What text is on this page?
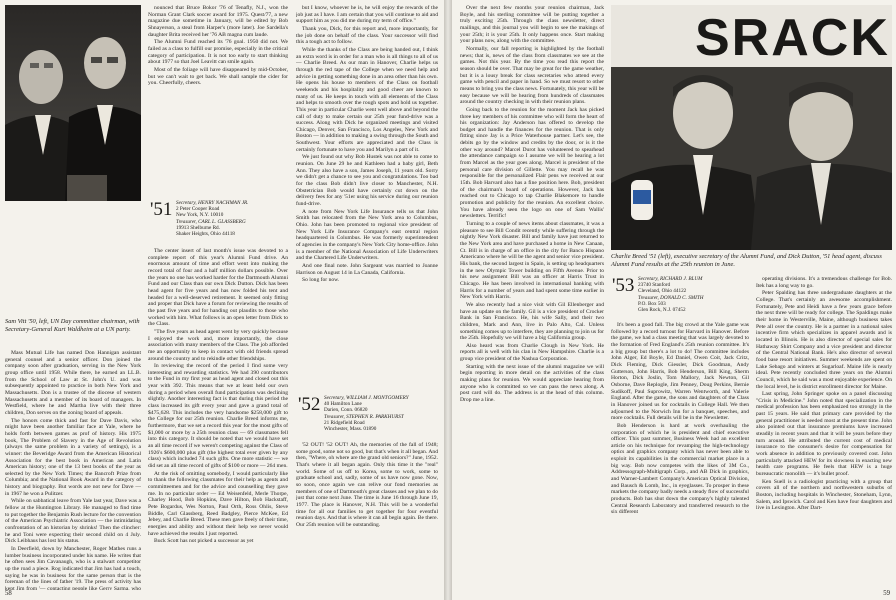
Sam Vitt '50, left, UN Day committee chairman, with Secretary-General Kurt Waldheim at a UN party.

Mass Mutual Life has named Don Hannigan assistant general counsel and a senior officer. Don joined the company soon after graduation, serving in the New York group office until 1958. While there, he earned an LL.B. from the School of Law at St. John's U. and was subsequently appointed to practice in both New York and Massachusetts. Don is a trustee of the diocese of western Massachusetts and a member of its board of managers. In Westfield, where he and Martha live with their three children, Don serves on the zoning board of appeals.

The honors come thick and fast for Dave Davis, who might have been another familiar face at Yale, where he holds forth between games as prof of history. His 1975 book, The Problem of Slavery in the Age of Revolution (always the same problem in a variety of settings), is a winner: the Beveridge Award from the American Historical Association for the best book in American and Latin American history; one of the 13 best books of the year as selected by the New York Times; the Bancroft Prize from Columbia; and the National Book Award in the category of history and biography. But words are not new for Dave — in 1967 he won a Pulitzer.

While on sabbatical leave from Yale last year, Dave was a fellow at the Huntington Library. He managed to find time to put together the Benjamin Rush lecture for the convention of the American Psychiatric Association — the intimidating confrontation of an historian by shrinks! Then the clincher: he and Toni were expecting their second child on 4 July. Dick Leibhaus has lost his status.

In Deerfield, down by Manchester, Roger Mathes runs a lumber business incorporated under his name. He writes that he often sees Jim Cavanaugh, who is a stalwart competitor up the road a piece. Rog indicated that Jim has had a touch, saying he was in business for the same person that is the foreman of the lines of father '19. The press of activity has kept Jim from '— contacting people like Gerry Sarma, who

nounced that Bruce Bokor '76 of Tenafly, N.J., won the Norman Grant Clark soccer award for 1975. Quest/77, a new magazine due sometime in January, will be edited by Bob Shnayerson, a steal from Harper's (more later). Joe Sardella's daughter Brita received her '76 AB magna cum laude.

The Alumni Fund reached its '76 goal. 1950 did not. We failed as a class to fulfill our promise, especially in the critical category of participation. It is not too early to start thinking about 1977 so that Joel Leavitt can smile again.

Most of the foliage will have disappeared by mid-October, but we can't wait to get back. We shall sample the cider for you. Cheerfully, cheers.

'51 Secretary, HENRY NACHMAN JR.
2 Peter Cooper Road
New York, N.Y. 10010
Treasurer, CARL L. GLASSBERG
19913 Shelburne Rd.
Shaker Heights, Ohio 44118

The center insert of last month's issue was devoted to a complete report of this year's Alumni Fund drive. An enormous amount of time and effort went into making the record total of four and a half million dollars possible. Over the years no one has worked harder for the Dartmouth Alumni Fund and our Class than our own Dick Dutton. Dick has been head agent for five years and has now folded his tent and headed for a well-deserved retirement. It seemed only fitting and proper that Dick have a forum for reviewing the results of the past five years and for handing out plaudits to those who worked with him. What follows is an open letter from Dick to the Class.

"The five years as head agent went by very quickly because I enjoyed the work and, more importantly, the close association with many members of the Class. The job afforded me an opportunity to keep in contact with old friends spread around the country and to rekindle other friendships.

In reviewing the record of the period I find some very interesting and rewarding statistics. We had 390 contributors to the Fund in my first year as head agent and closed out this year with 392. This means that we at least held our own during a period when overall fund participation was declining slightly. Another interesting fact is that during this period the class increased its gift every year and gave a grand total of $475,628. This includes the very handsome $258,000 gift to the College for our 25th reunion. Charlie Breed informs me, furthermore, that we set a record this year for the most gifts of $1,000 or more by a 25th reunion class — 69 classmates fell into this category. It should be noted that we would have set an all time record if we weren't competing against the Class of 1926's $600,000 plus gift (the highest total ever given by any class) which included 74 such gifts. One more statistic — we did set an all time record of gifts of $100 or more — 264 men.

At the risk of omitting somebody, I would particularly like to thank the following classmates for their help as agents and committeemen and for the advice and counselling they gave me. In no particular order — Ed Weisenfeld, Merle Thorpe, Charley Hood, Bob Hopkins, Dave Hilton, Bob Hackstaff, Pete Bogardus, Wes Norton, Paul Orth, Ross Ohlis, Steve Biddle, Carl Glassberg, Reed Badgley, Pierce McKee, Ed Jebey, and Charlie Breed. These men gave freely of their time, energies and ability and without their help we never would have achieved the results I just reported.

Buck Scott has not picked a successor as yet

but I know, whoever he is, he will enjoy the rewards of the job just as I have. I am certain that you will continue to aid and support him as you did me during my term of office."

Thank you, Dick, for this report and, more importantly, for the job done on behalf of the class. Your successor will find this a tough act to follow.

While the thanks of the Class are being handed out, I think an extra word is in order for a man who is all things to all of us — Charlie Breed. As our man in Hanover, Charlie helps us through the red tape of the College when we need help and advice in getting something done in an area other than his own. He opens his house to members of the Class on football weekends and his hospitality and good cheer are known to many of us. He keeps in touch with all elements of the Class and helps to smooth over the rough spots and hold us together. This year in particular Charlie went well above and beyond the call of duty to make certain our 25th year fund-drive was a success. Along with Dick he organized meetings and visited Chicago, Denver, San Francisco, Los Angeles, New York and Boston — in addition to making a swing through the South and Southwest. Your efforts are appreciated and the Class is certainly fortunate to have you and Marilyn a part of it.

We just found out why Bob Hustek was not able to come to reunion. On June 29 he and Kathleen had a baby girl, Beth Ann. They also have a son, James Joseph, 11 years old. Sorry we didn't get a chance to see you and congratulations. Too bad for the class Bob didn't live closer to Manchester, N.H. Obstetrician Bob would have certainly cut down on the delivery fees for any '51er using his service during our reunion fund-drive.

A note from New York Life Insurance tells us that John Smith has relocated from the New York area to Columbus, Ohio. John has been promoted to regional vice president of New York Life Insurance Company's east central region headquartered in Columbus. He was formerly superintendent of agencies in the company's New York City home-office. John is a member of the National Association of Life Underwriters and the Chartered Life Underwriters.

And one final note. John Sargeant was married to Joanne Harrison on August 14 in La Canada, California.

So long for now.

'52 Secretary, WILLIAM J. MONTGOMERY
40 Hamilton Lane
Darien, Conn. 06820
Treasurer, STEPHEN R. PARKHURST
21 Ridgefield Road
Winchester, Mass. 01890

'52 OUT! '52 OUT! Ah, the memories of the fall of 1948; some good, some not so good, but that's when it all began. And then, "Where, oh where are the grand old seniors?" June, 1952. That's where it all began again. Only this time it the "real" world. Some of us off to Korea, some to work, some to graduate school and, sadly, some of us have now gone. Now, so soon, once again we can relive our fond memories as members of one of Dartmouth's great classes and we plan to do just that come next June. The time is June 16 through June 19, 1977. The place is Hanover, N.H. This will be a wonderful time for all our families to get together for four eventful reunion days. And that is where it can all begin again. Be there. Our 25th reunion will be outstanding.

58

Over the next few months your reunion chairman, Jack Boyle, and his sterling committee will be putting together a truly exciting 25th. Through the class newsletter, direct mailings, and this journal you will begin to see the makings of your 25th; it is your 25th. It only happens once. Start making your plans now, along with the committee.

Normally, our fall reporting is highlighted by the football news; that is, news of the class from classmates we see at the games. Not this year. By the time you read this report the season should be over. That may be great for the game weather, but it is a lousy break for class secretaries who attend every game with pencil and paper in hand. So we must resort to other means to bring you the class news. Fortunately, this year will be easy because we will be hearing from hundreds of classmates around the country checking in with their reunion plans.

Going back to the reunion for the moment Jack has picked three key members of his committee who will form the heart of his organization: Jay Anderson has offered to develop the budget and handle the finances for the reunion. That is only fitting since Jay is a Price Waterhouse partner. Let's see, the debits go by the window and credits by the door, or is it the other way around? Marcel Durot has volunteered to spearhead the attendance campaign so I assume we will be hearing a lot from Marcel as the year goes along. Marcel is president of the personal care division of Gillette. You may recall he was responsible for the personalized Flair pens we received at our 15th. Bob Harvard also has a fine position here. Bob, president of the chairman's board of operations. However, Jack has reached out to Chicago to tap Charlie Blakemore to handle promotion and publicity for the reunion. An excellent choice. You have already seen the logo on one of Sam Wallis' newsletters. Terrific!

Turning to a couple of news items about classmates, it was a pleasure to see Bill Condit recently while suffering through the nightly New York disaster. Bill and family have just returned to the New York area and have purchased a home in New Canaan, Ct. Bill is in charge of an office in the city for Banco Hispano Americano where he will be the agent and senior vice president. His bank, the second largest in Spain, is setting up headquarters in the new Olympic Tower building on Fifth Avenue. Prior to his new assignment Bill was an officer at Harris Trust in Chicago. He has been involved in international banking with Harris for a number of years and had spent some time earlier in New York with Harris.

We also recently had a nice visit with Gil Ellenberger and have an update on the family. Gil is a vice president of Crocker Bank in San Francisco. He, his wife Sally, and their two children, Mark and Ann, live in Palo Alto, Cal. Unless something comes up to interfere, they are planning to join us for the 25th. Hopefully we will have a big California group.

Also heard was from Charlie Clough in New York. He reports all is well with his clan in New Hampshire. Charlie is a group vice president of the Nashua Corporation.

Starting with the next issue of the alumni magazine we will begin reporting in more detail on the activities of the class making plans for reunion. We would appreciate hearing from anyone who is committed so we can pass the news along. A post card will do. The address is at the head of this column. Drop me a line.

SRACK
Charlie Breed '51 (left), executive secretary of the Alumni Fund, and Dick Dutton, '51 head agent, discuss Alumni Fund results at the 25th reunion in June.
'53 Secretary, RICHARD J. BLUM
23740 Stanford
Cleveland, Ohio 44122
Treasurer, DONALD C. SMITH
P.O. Box 503
Glen Rock, N.J. 07452

It's been a good fall. The big crowd at the Yale game was followed by a record turnout for Harvard in Hanover. Before the game, we had a class meeting that was largely devoted to the formation of Fred England's 25th reunion committee. It's a big group but there's a lot to do! The committee includes John Alger, Ed Boyle, Ed Daniel, Owen Coit, Jack Critz, Dick Fleming, Dick Giessler, Dick Goodman, Andy Gutterson, John Harris, Bob Henderson, Bill King, Sherm Horton, Dick Joslin, Tom Mallory, Jack Newton, Gil Osborne, Dave Replogle, Jim Penney, Doug Perkins, Bernie Sudikoff, Paul Suprowitz, Warren Wentworth, and Valerie England. After the game, the sons and daughters of the Class in Hanover joined us for cocktails in College Hall. We then adjourned to the Norwich Inn for a banquet, speeches, and more cocktails. Full details will be in the Newsletter.

Bob Henderson is hard at work overhauling the corporation of which he is president and chief executive officer. This past summer, Business Week had an excellent article on his technique for revamping the high-technology optics and graphics company which has never been able to exploit its capabilities in the commercial market place in a big way. Bob now competes with the likes of 3M Co., Addressograph-Multigraph Corp., and AB Dick in graphics, and Warner-Lambert Company's American Optical Division, and Bausch & Lomb, Inc., in eyeglasses. To prosper in these markets the company badly needs a steady flow of successful products. Bob has shut down the company's highly talented Central Research Laboratory and transferred research to the six different

operating divisions. It's a tremendous challenge for Bob. Itek has a long way to go.

Peter Spalding has three undergraduate daughters at the College. That's certainly an awesome accomplishment. Fortunately, Pete and Heidi have a few years grace before the next three will be ready for college. The Spaldings make their home in Westerville, Maine, although business takes Pete all over the country. He is a partner in a national sales incentive firm which specializes in apparel awards and is located in Illinois. He is also director of special sales for Hathaway Shirt Company and a vice president and director of the Central National Bank. He's also director of several food base resort initiatives. Summer weekends are spent on Lake Sebago and winters at Sugarloaf. Maine life is nearly ideal. Pete recently concluded three years on the Alumni Council, which he said was a most enjoyable experience. On the local level, he is district enrollment director for Maine.

Last spring, John Springer spoke on a panel discussing "Crisis in Medicine." John noted that specialization in the medical profession has been emphasized too strongly in the past 15 years. He said that primary care provided by the general practitioner is needed most at the present time. John also pointed out that insurance premiums have increased steadily in recent years and that it will be years before they turn around. He attributed the current cost of medical insurance to the consumer's desire for compensation for work absence in addition to previously covered cost. John particularly attacked HEW for its slowness in enacting new health care programs. He feels that HEW is a huge bureaucratic monolith — it's bullet proof.

Ken Suell is a radiologist practicing with a group that covers all of the northern and northwestern suburbs of Boston, including hospitals in Winchester, Stoneham, Lynn, Salem, and Ipswich. Carol and Ken have four daughters and live in Lexington. After Dart-

59
